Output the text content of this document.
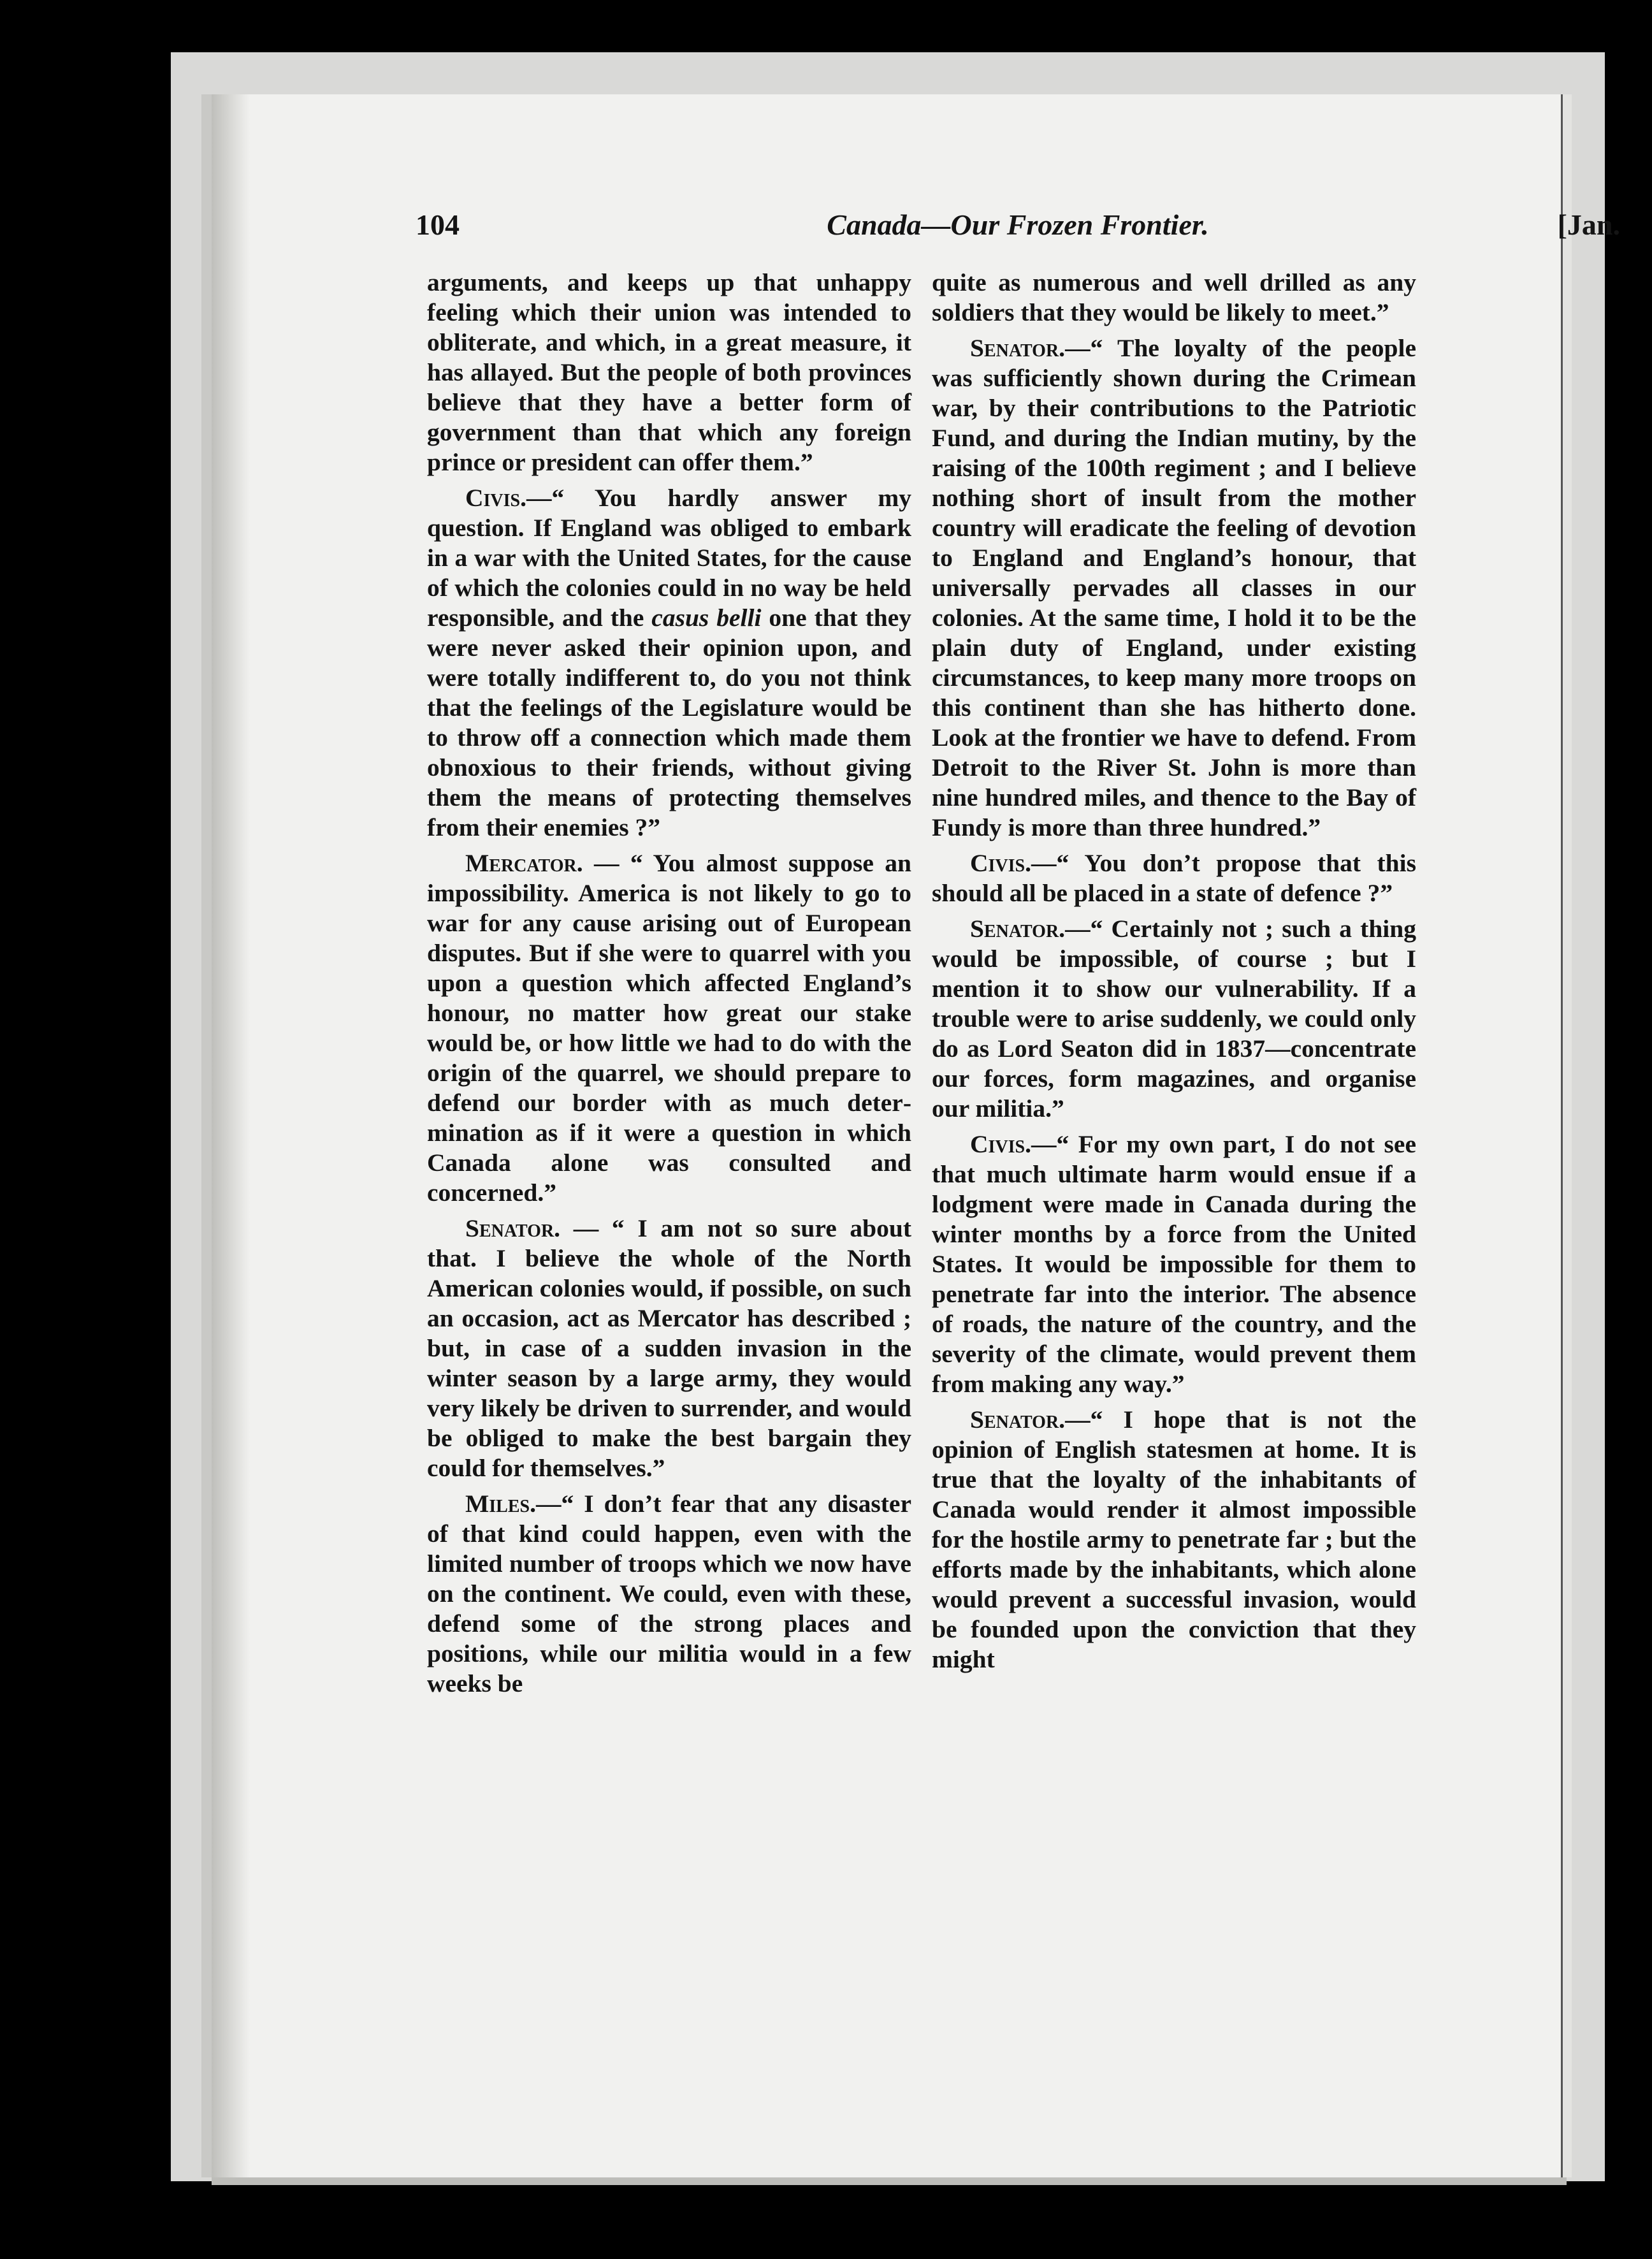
104	Canada—Our Frozen Frontier.	[Jan.

arguments, and keeps up that unhappy feeling which their union was intended to obliterate, and which, in a great measure, it has allayed. But the people of both provinces believe that they have a better form of government than that which any foreign prince or president can offer them.”

Civis.—“ You hardly answer my question. If England was obliged to embark in a war with the United States, for the cause of which the colonies could in no way be held responsible, and the casus belli one that they were never asked their opinion upon, and were totally indifferent to, do you not think that the feelings of the Legislature would be to throw off a connection which made them obnoxious to their friends, without giving them the means of protecting themselves from their enemies ?”

Mercator. — “ You almost suppose an impossibility. America is not likely to go to war for any cause arising out of European disputes. But if she were to quarrel with you upon a question which affected England’s honour, no matter how great our stake would be, or how little we had to do with the origin of the quarrel, we should prepare to defend our border with as much determination as if it were a question in which Canada alone was consulted and concerned.”

Senator. — “ I am not so sure about that. I believe the whole of the North American colonies would, if possible, on such an occasion, act as Mercator has described ; but, in case of a sudden invasion in the winter season by a large army, they would very likely be driven to surrender, and would be obliged to make the best bargain they could for themselves.”

Miles.—“ I don’t fear that any disaster of that kind could happen, even with the limited number of troops which we now have on the continent. We could, even with these, defend some of the strong places and positions, while our militia would in a few weeks be

quite as numerous and well drilled as any soldiers that they would be likely to meet.”

Senator.—“ The loyalty of the people was sufficiently shown during the Crimean war, by their contributions to the Patriotic Fund, and during the Indian mutiny, by the raising of the 100th regiment ; and I believe nothing short of insult from the mother country will eradicate the feeling of devotion to England and England’s honour, that universally pervades all classes in our colonies. At the same time, I hold it to be the plain duty of England, under existing circumstances, to keep many more troops on this continent than she has hitherto done. Look at the frontier we have to defend. From Detroit to the River St. John is more than nine hundred miles, and thence to the Bay of Fundy is more than three hundred.”

Civis.—“ You don’t propose that this should all be placed in a state of defence ?”

Senator.—“ Certainly not ; such a thing would be impossible, of course ; but I mention it to show our vulnerability. If a trouble were to arise suddenly, we could only do as Lord Seaton did in 1837—concentrate our forces, form magazines, and organise our militia.”

Civis.—“ For my own part, I do not see that much ultimate harm would ensue if a lodgment were made in Canada during the winter months by a force from the United States. It would be impossible for them to penetrate far into the interior. The absence of roads, the nature of the country, and the severity of the climate, would prevent them from making any way.”

Senator.—“ I hope that is not the opinion of English statesmen at home. It is true that the loyalty of the inhabitants of Canada would render it almost impossible for the hostile army to penetrate far ; but the efforts made by the inhabitants, which alone would prevent a successful invasion, would be founded upon the conviction that they might
